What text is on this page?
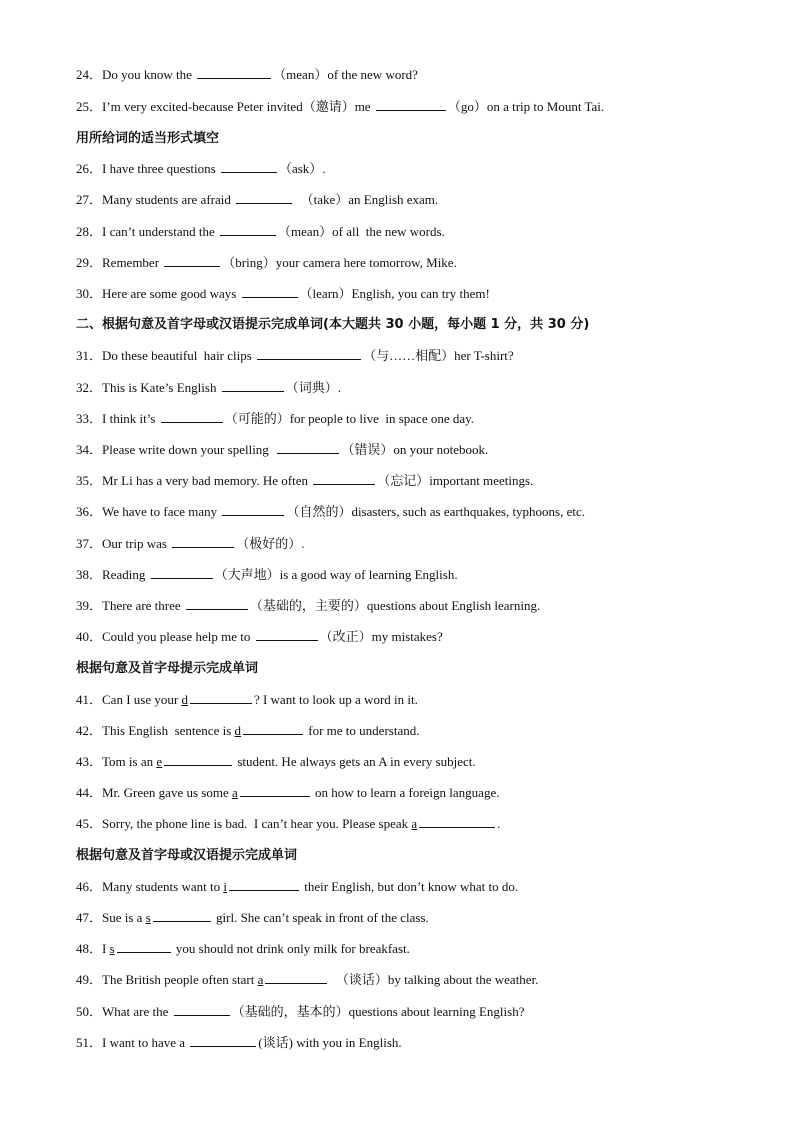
24．Do you know the	（mean）of the new word?
25．I’m very excited-because Peter invited（邀请）me	（go）on a trip to Mount Tai.
用所给词的适当形式填空
26．I have three questions	（ask）.
27．Many students are afraid	（take）an English exam.
28．I can’t understand the	（mean）of all  the new words.
29．Remember	（bring）your camera here tomorrow, Mike.
30．Here are some good ways	（learn）English, you can try them!
二、根据句意及首字母或汉语提示完成单词(本大题共 30 小题，每小题 1 分，共 30 分)
31．Do these beautiful  hair clips	（与……相配）her T-shirt?
32．This is Kate’s English	（词典）.
33．I think it’s	（可能的）for people to live  in space one day.
34．Please write down your spelling	（错误）on your notebook.
35．Mr Li has a very bad memory. He often	（忘记）important meetings.
36．We have to face many	（自然的）disasters, such as earthquakes, typhoons, etc.
37．Our trip was	（极好的）.
38．Reading	（大声地）is a good way of learning English.
39．There are three	（基础的，主要的）questions about English learning.
40．Could you please help me to	（改正）my mistakes?
根据句意及首字母提示完成单词
41．Can I use your d	? I want to look up a word in it.
42．This English  sentence is d	for me to understand.
43．Tom is an e	student. He always gets an A in every subject.
44．Mr. Green gave us some a	on how to learn a foreign language.
45．Sorry, the phone line is bad.  I can’t hear you. Please speak a	.
根据句意及首字母或汉语提示完成单词
46．Many students want to i	their English, but don’t know what to do.
47．Sue is a s	girl. She can’t speak in front of the class.
48．I s	you should not drink only milk for breakfast.
49．The British people often start a	（谈话）by talking about the weather.
50．What are the	（基础的，基本的）questions about learning English?
51．I want to have a	(谈话) with you in English.
